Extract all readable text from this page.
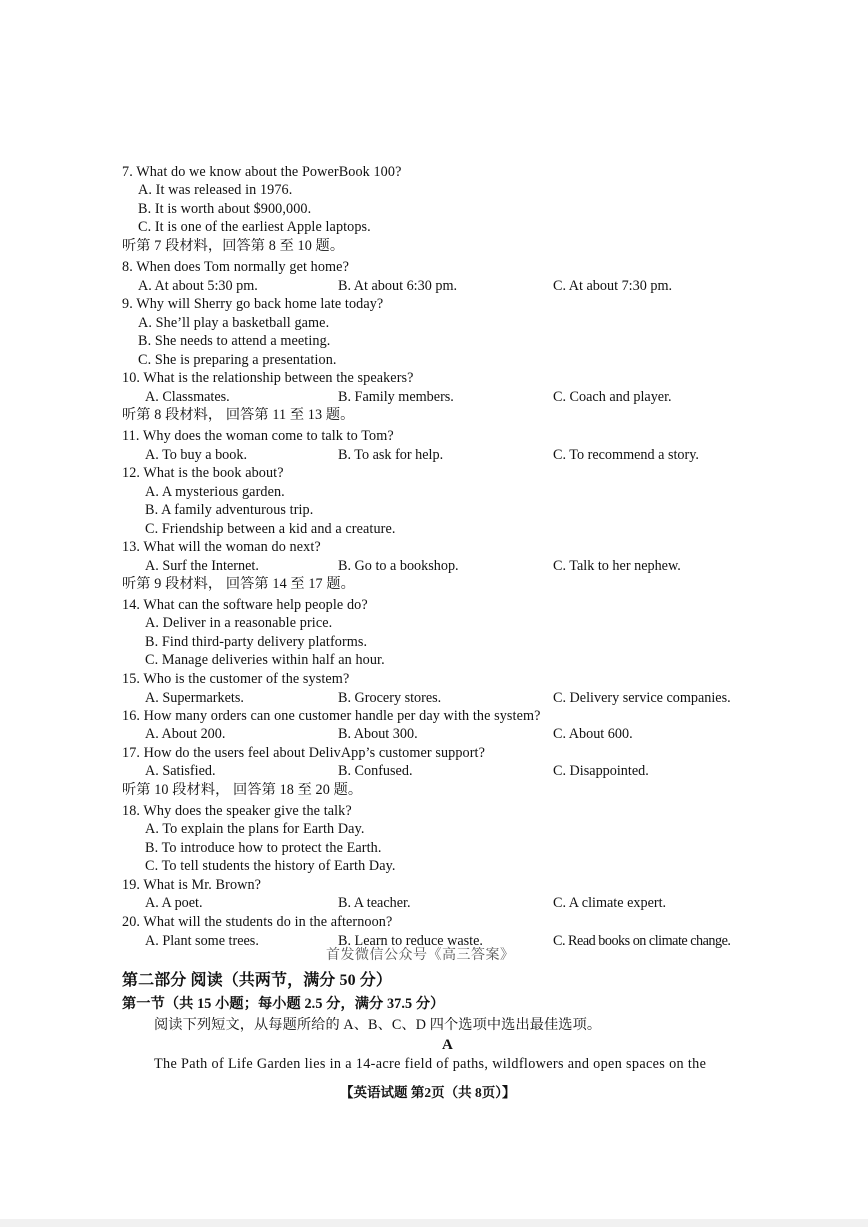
7. What do we know about the PowerBook 100?
A. It was released in 1976.
B. It is worth about $900,000.
C. It is one of the earliest Apple laptops.
听第 7 段材料，回答第 8 至 10 题。
8. When does Tom normally get home?
A. At about 5:30 pm.	B. At about 6:30 pm.	C. At about 7:30 pm.
9. Why will Sherry go back home late today?
A. She’ll play a basketball game.
B. She needs to attend a meeting.
C. She is preparing a presentation.
10. What is the relationship between the speakers?
A. Classmates.	B. Family members.	C. Coach and player.
听第 8 段材料， 回答第 11 至 13 题。
11. Why does the woman come to talk to Tom?
A. To buy a book.	B. To ask for help.	C. To recommend a story.
12. What is the book about?
A. A mysterious garden.
B. A family adventurous trip.
C. Friendship between a kid and a creature.
13. What will the woman do next?
A. Surf the Internet.	B. Go to a bookshop.	C. Talk to her nephew.
听第 9 段材料， 回答第 14 至 17 题。
14. What can the software help people do?
A. Deliver in a reasonable price.
B. Find third-party delivery platforms.
C. Manage deliveries within half an hour.
15. Who is the customer of the system?
A. Supermarkets.	B. Grocery stores.	C. Delivery service companies.
16. How many orders can one customer handle per day with the system?
A. About 200.	B. About 300.	C. About 600.
17. How do the users feel about DelivApp’s customer support?
A. Satisfied.	B. Confused.	C. Disappointed.
听第 10 段材料， 回答第 18 至 20 题。
18. Why does the speaker give the talk?
A. To explain the plans for Earth Day.
B. To introduce how to protect the Earth.
C. To tell students the history of Earth Day.
19. What is Mr. Brown?
A. A poet.	B. A teacher.	C. A climate expert.
20. What will the students do in the afternoon?
A. Plant some trees.	B. Learn to reduce waste.	C. Read books on climate change.
首发微信公众号《高三答案》
第二部分 阅读（共两节，满分 50 分）
第一节（共 15 小题；每小题 2.5 分，满分 37.5 分）
阅读下列短文，从每题所给的 A、B、C、D 四个选项中选出最佳选项。
A
The Path of Life Garden lies in a 14-acre field of paths, wildflowers and open spaces on the
【英语试题 第2页（共 8页）】
